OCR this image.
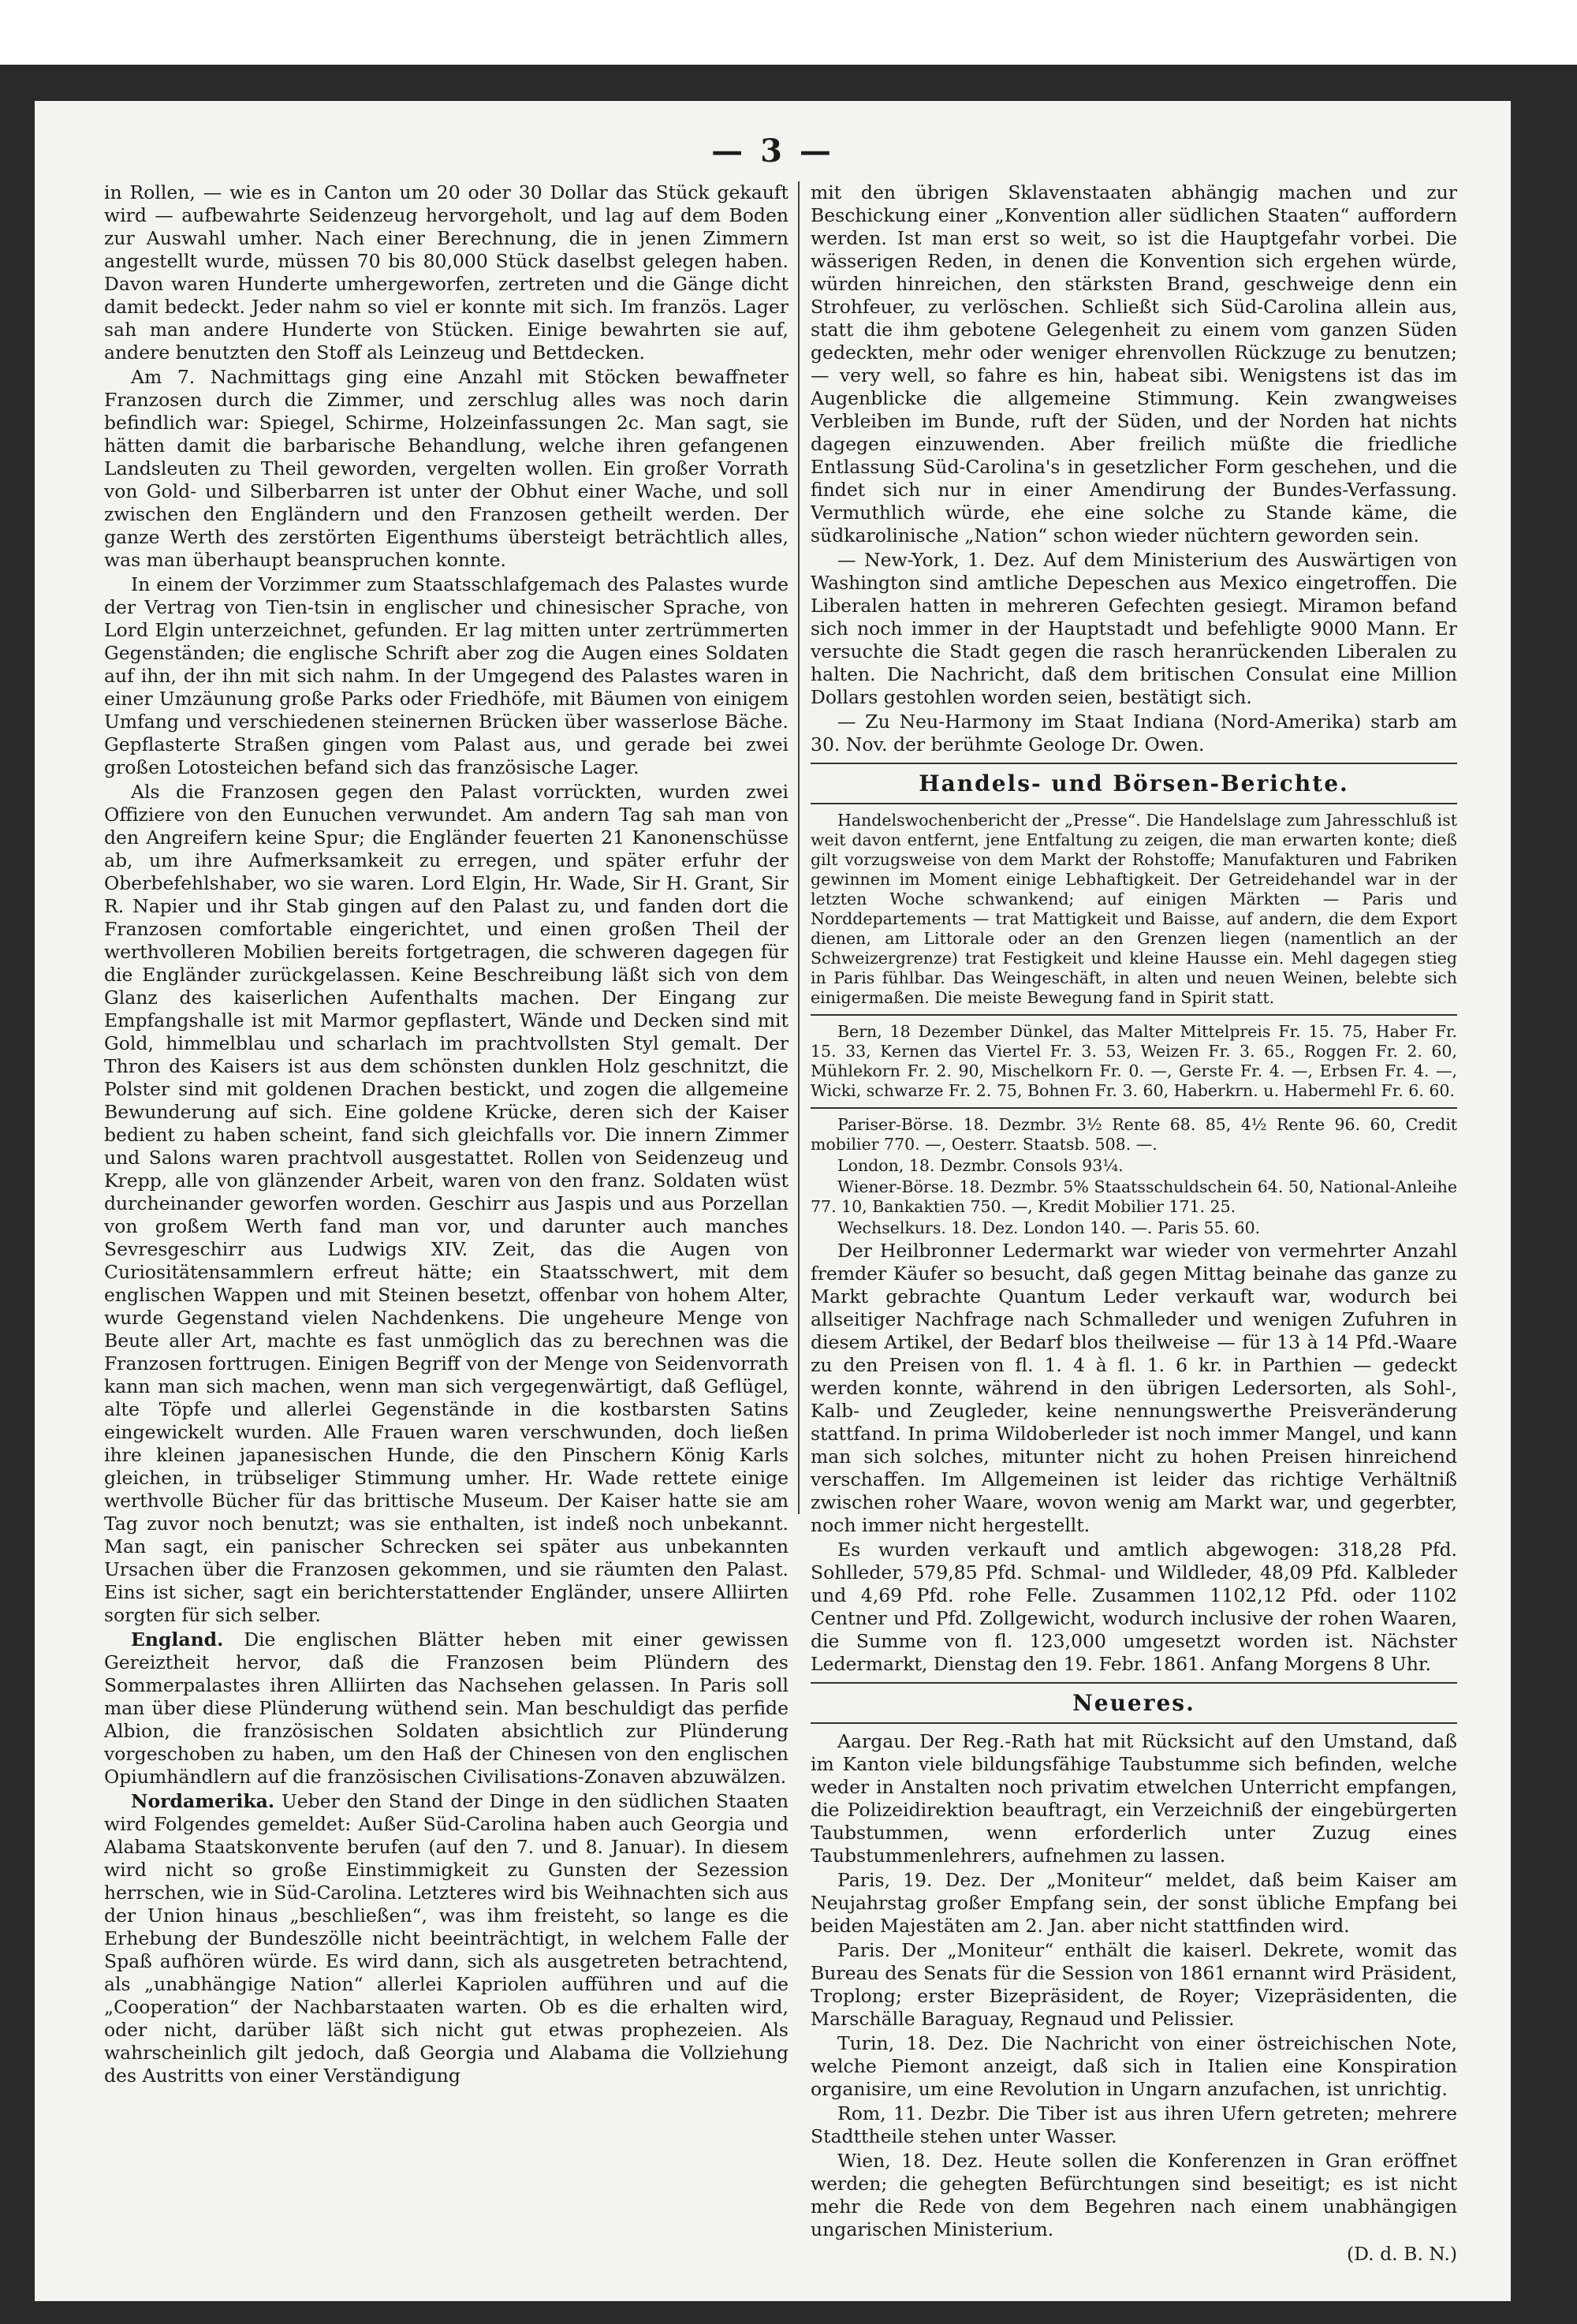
— 3 —

in Rollen, — wie es in Canton um 20 oder 30 Dollar das Stück gekauft wird — aufbewahrte Seidenzeug hervorgeholt, und lag auf dem Boden zur Auswahl umher. Nach einer Berechnung, die in jenen Zimmern angestellt wurde, müssen 70 bis 80,000 Stück daselbst gelegen haben. Davon waren Hunderte umhergeworfen, zertreten und die Gänge dicht damit bedeckt. Jeder nahm so viel er konnte mit sich. Im französ. Lager sah man andere Hunderte von Stücken. Einige bewahrten sie auf, andere benutzten den Stoff als Leinzeug und Bettdecken.

Am 7. Nachmittags ging eine Anzahl mit Stöcken bewaffneter Franzosen durch die Zimmer, und zerschlug alles was noch darin befindlich war: Spiegel, Schirme, Holzeinfassungen 2c. Man sagt, sie hätten damit die barbarische Behandlung, welche ihren gefangenen Landsleuten zu Theil geworden, vergelten wollen. Ein großer Vorrath von Gold- und Silberbarren ist unter der Obhut einer Wache, und soll zwischen den Engländern und den Franzosen getheilt werden. Der ganze Werth des zerstörten Eigenthums übersteigt beträchtlich alles, was man überhaupt beanspruchen konnte.

In einem der Vorzimmer zum Staatsschlafgemach des Palastes wurde der Vertrag von Tien-tsin in englischer und chinesischer Sprache, von Lord Elgin unterzeichnet, gefunden. Er lag mitten unter zertrümmerten Gegenständen; die englische Schrift aber zog die Augen eines Soldaten auf ihn, der ihn mit sich nahm. In der Umgegend des Palastes waren in einer Umzäunung große Parks oder Friedhöfe, mit Bäumen von einigem Umfang und verschiedenen steinernen Brücken über wasserlose Bäche. Gepflasterte Straßen gingen vom Palast aus, und gerade bei zwei großen Lotosteichen befand sich das französische Lager.

Als die Franzosen gegen den Palast vorrückten, wurden zwei Offiziere von den Eunuchen verwundet. Am andern Tag sah man von den Angreifern keine Spur; die Engländer feuerten 21 Kanonenschüsse ab, um ihre Aufmerksamkeit zu erregen, und später erfuhr der Oberbefehlshaber, wo sie waren. Lord Elgin, Hr. Wade, Sir H. Grant, Sir R. Napier und ihr Stab gingen auf den Palast zu, und fanden dort die Franzosen comfortable eingerichtet, und einen großen Theil der werthvolleren Mobilien bereits fortgetragen, die schweren dagegen für die Engländer zurückgelassen. Keine Beschreibung läßt sich von dem Glanz des kaiserlichen Aufenthalts machen. Der Eingang zur Empfangshalle ist mit Marmor gepflastert, Wände und Decken sind mit Gold, himmelblau und scharlach im prachtvollsten Styl gemalt. Der Thron des Kaisers ist aus dem schönsten dunklen Holz geschnitzt, die Polster sind mit goldenen Drachen bestickt, und zogen die allgemeine Bewunderung auf sich. Eine goldene Krücke, deren sich der Kaiser bedient zu haben scheint, fand sich gleichfalls vor. Die innern Zimmer und Salons waren prachtvoll ausgestattet. Rollen von Seidenzeug und Krepp, alle von glänzender Arbeit, waren von den franz. Soldaten wüst durcheinander geworfen worden. Geschirr aus Jaspis und aus Porzellan von großem Werth fand man vor, und darunter auch manches Sevresgeschirr aus Ludwigs XIV. Zeit, das die Augen von Curiositätensammlern erfreut hätte; ein Staatsschwert, mit dem englischen Wappen und mit Steinen besetzt, offenbar von hohem Alter, wurde Gegenstand vielen Nachdenkens. Die ungeheure Menge von Beute aller Art, machte es fast unmöglich das zu berechnen was die Franzosen forttrugen. Einigen Begriff von der Menge von Seidenvorrath kann man sich machen, wenn man sich vergegenwärtigt, daß Geflügel, alte Töpfe und allerlei Gegenstände in die kostbarsten Satins eingewickelt wurden. Alle Frauen waren verschwunden, doch ließen ihre kleinen japanesischen Hunde, die den Pinschern König Karls gleichen, in trübseliger Stimmung umher. Hr. Wade rettete einige werthvolle Bücher für das brittische Museum. Der Kaiser hatte sie am Tag zuvor noch benutzt; was sie enthalten, ist indeß noch unbekannt. Man sagt, ein panischer Schrecken sei später aus unbekannten Ursachen über die Franzosen gekommen, und sie räumten den Palast. Eins ist sicher, sagt ein berichterstattender Engländer, unsere Alliirten sorgten für sich selber.

England. Die englischen Blätter heben mit einer gewissen Gereiztheit hervor, daß die Franzosen beim Plündern des Sommerpalastes ihren Alliirten das Nachsehen gelassen. In Paris soll man über diese Plünderung wüthend sein. Man beschuldigt das perfide Albion, die französischen Soldaten absichtlich zur Plünderung vorgeschoben zu haben, um den Haß der Chinesen von den englischen Opiumhändlern auf die französischen Civilisations-Zonaven abzuwälzen.

Nordamerika. Ueber den Stand der Dinge in den südlichen Staaten wird Folgendes gemeldet: Außer Süd-Carolina haben auch Georgia und Alabama Staatskonvente berufen (auf den 7. und 8. Januar). In diesem wird nicht so große Einstimmigkeit zu Gunsten der Sezession herrschen, wie in Süd-Carolina. Letzteres wird bis Weihnachten sich aus der Union hinaus „beschließen“, was ihm freisteht, so lange es die Erhebung der Bundeszölle nicht beeinträchtigt, in welchem Falle der Spaß aufhören würde. Es wird dann, sich als ausgetreten betrachtend, als „unabhängige Nation“ allerlei Kapriolen aufführen und auf die „Cooperation“ der Nachbarstaaten warten. Ob es die erhalten wird, oder nicht, darüber läßt sich nicht gut etwas prophezeien. Als wahrscheinlich gilt jedoch, daß Georgia und Alabama die Vollziehung des Austritts von einer Verständigung

mit den übrigen Sklavenstaaten abhängig machen und zur Beschickung einer „Konvention aller südlichen Staaten“ auffordern werden. Ist man erst so weit, so ist die Hauptgefahr vorbei. Die wässerigen Reden, in denen die Konvention sich ergehen würde, würden hinreichen, den stärksten Brand, geschweige denn ein Strohfeuer, zu verlöschen. Schließt sich Süd-Carolina allein aus, statt die ihm gebotene Gelegenheit zu einem vom ganzen Süden gedeckten, mehr oder weniger ehrenvollen Rückzuge zu benutzen; — very well, so fahre es hin, habeat sibi. Wenigstens ist das im Augenblicke die allgemeine Stimmung. Kein zwangweises Verbleiben im Bunde, ruft der Süden, und der Norden hat nichts dagegen einzuwenden. Aber freilich müßte die friedliche Entlassung Süd-Carolina's in gesetzlicher Form geschehen, und die findet sich nur in einer Amendirung der Bundes-Verfassung. Vermuthlich würde, ehe eine solche zu Stande käme, die südkarolinische „Nation“ schon wieder nüchtern geworden sein.

— New-York, 1. Dez. Auf dem Ministerium des Auswärtigen von Washington sind amtliche Depeschen aus Mexico eingetroffen. Die Liberalen hatten in mehreren Gefechten gesiegt. Miramon befand sich noch immer in der Hauptstadt und befehligte 9000 Mann. Er versuchte die Stadt gegen die rasch heranrückenden Liberalen zu halten. Die Nachricht, daß dem britischen Consulat eine Million Dollars gestohlen worden seien, bestätigt sich.

— Zu Neu-Harmony im Staat Indiana (Nord-Amerika) starb am 30. Nov. der berühmte Geologe Dr. Owen.

Handels- und Börsen-Berichte.

Handelswochenbericht der „Presse“. Die Handelslage zum Jahresschluß ist weit davon entfernt, jene Entfaltung zu zeigen, die man erwarten konte; dieß gilt vorzugsweise von dem Markt der Rohstoffe; Manufakturen und Fabriken gewinnen im Moment einige Lebhaftigkeit. Der Getreidehandel war in der letzten Woche schwankend; auf einigen Märkten — Paris und Norddepartements — trat Mattigkeit und Baisse, auf andern, die dem Export dienen, am Littorale oder an den Grenzen liegen (namentlich an der Schweizergrenze) trat Festigkeit und kleine Hausse ein. Mehl dagegen stieg in Paris fühlbar. Das Weingeschäft, in alten und neuen Weinen, belebte sich einigermaßen. Die meiste Bewegung fand in Spirit statt.

Bern, 18 Dezember Dünkel, das Malter Mittelpreis Fr. 15. 75, Haber Fr. 15. 33, Kernen das Viertel Fr. 3. 53, Weizen Fr. 3. 65., Roggen Fr. 2. 60, Mühlekorn Fr. 2. 90, Mischelkorn Fr. 0. —, Gerste Fr. 4. —, Erbsen Fr. 4. —, Wicki, schwarze Fr. 2. 75, Bohnen Fr. 3. 60, Haberkrn. u. Habermehl Fr. 6. 60.

Pariser-Börse. 18. Dezmbr. 3½ Rente 68. 85, 4½ Rente 96. 60, Credit mobilier 770. —, Oesterr. Staatsb. 508. —.

London, 18. Dezmbr. Consols 93¼.

Wiener-Börse. 18. Dezmbr. 5% Staatsschuldschein 64. 50, National-Anleihe 77. 10, Bankaktien 750. —, Kredit Mobilier 171. 25.

Wechselkurs. 18. Dez. London 140. —. Paris 55. 60.

Der Heilbronner Ledermarkt war wieder von vermehrter Anzahl fremder Käufer so besucht, daß gegen Mittag beinahe das ganze zu Markt gebrachte Quantum Leder verkauft war, wodurch bei allseitiger Nachfrage nach Schmalleder und wenigen Zufuhren in diesem Artikel, der Bedarf blos theilweise — für 13 à 14 Pfd.-Waare zu den Preisen von fl. 1. 4 à fl. 1. 6 kr. in Parthien — gedeckt werden konnte, während in den übrigen Ledersorten, als Sohl-, Kalb- und Zeugleder, keine nennungswerthe Preisveränderung stattfand. In prima Wildoberleder ist noch immer Mangel, und kann man sich solches, mitunter nicht zu hohen Preisen hinreichend verschaffen. Im Allgemeinen ist leider das richtige Verhältniß zwischen roher Waare, wovon wenig am Markt war, und gegerbter, noch immer nicht hergestellt.

Es wurden verkauft und amtlich abgewogen: 318,28 Pfd. Sohlleder, 579,85 Pfd. Schmal- und Wildleder, 48,09 Pfd. Kalbleder und 4,69 Pfd. rohe Felle. Zusammen 1102,12 Pfd. oder 1102 Centner und Pfd. Zollgewicht, wodurch inclusive der rohen Waaren, die Summe von fl. 123,000 umgesetzt worden ist. Nächster Ledermarkt, Dienstag den 19. Febr. 1861. Anfang Morgens 8 Uhr.

Neueres.

Aargau. Der Reg.-Rath hat mit Rücksicht auf den Umstand, daß im Kanton viele bildungsfähige Taubstumme sich befinden, welche weder in Anstalten noch privatim etwelchen Unterricht empfangen, die Polizeidirektion beauftragt, ein Verzeichniß der eingebürgerten Taubstummen, wenn erforderlich unter Zuzug eines Taubstummenlehrers, aufnehmen zu lassen.

Paris, 19. Dez. Der „Moniteur“ meldet, daß beim Kaiser am Neujahrstag großer Empfang sein, der sonst übliche Empfang bei beiden Majestäten am 2. Jan. aber nicht stattfinden wird.

Paris. Der „Moniteur“ enthält die kaiserl. Dekrete, womit das Bureau des Senats für die Session von 1861 ernannt wird Präsident, Troplong; erster Bizepräsident, de Royer; Vizepräsidenten, die Marschälle Baraguay, Regnaud und Pelissier.

Turin, 18. Dez. Die Nachricht von einer östreichischen Note, welche Piemont anzeigt, daß sich in Italien eine Konspiration organisire, um eine Revolution in Ungarn anzufachen, ist unrichtig.

Rom, 11. Dezbr. Die Tiber ist aus ihren Ufern getreten; mehrere Stadttheile stehen unter Wasser.

Wien, 18. Dez. Heute sollen die Konferenzen in Gran eröffnet werden; die gehegten Befürchtungen sind beseitigt; es ist nicht mehr die Rede von dem Begehren nach einem unabhängigen ungarischen Ministerium.

(D. d. B. N.)
